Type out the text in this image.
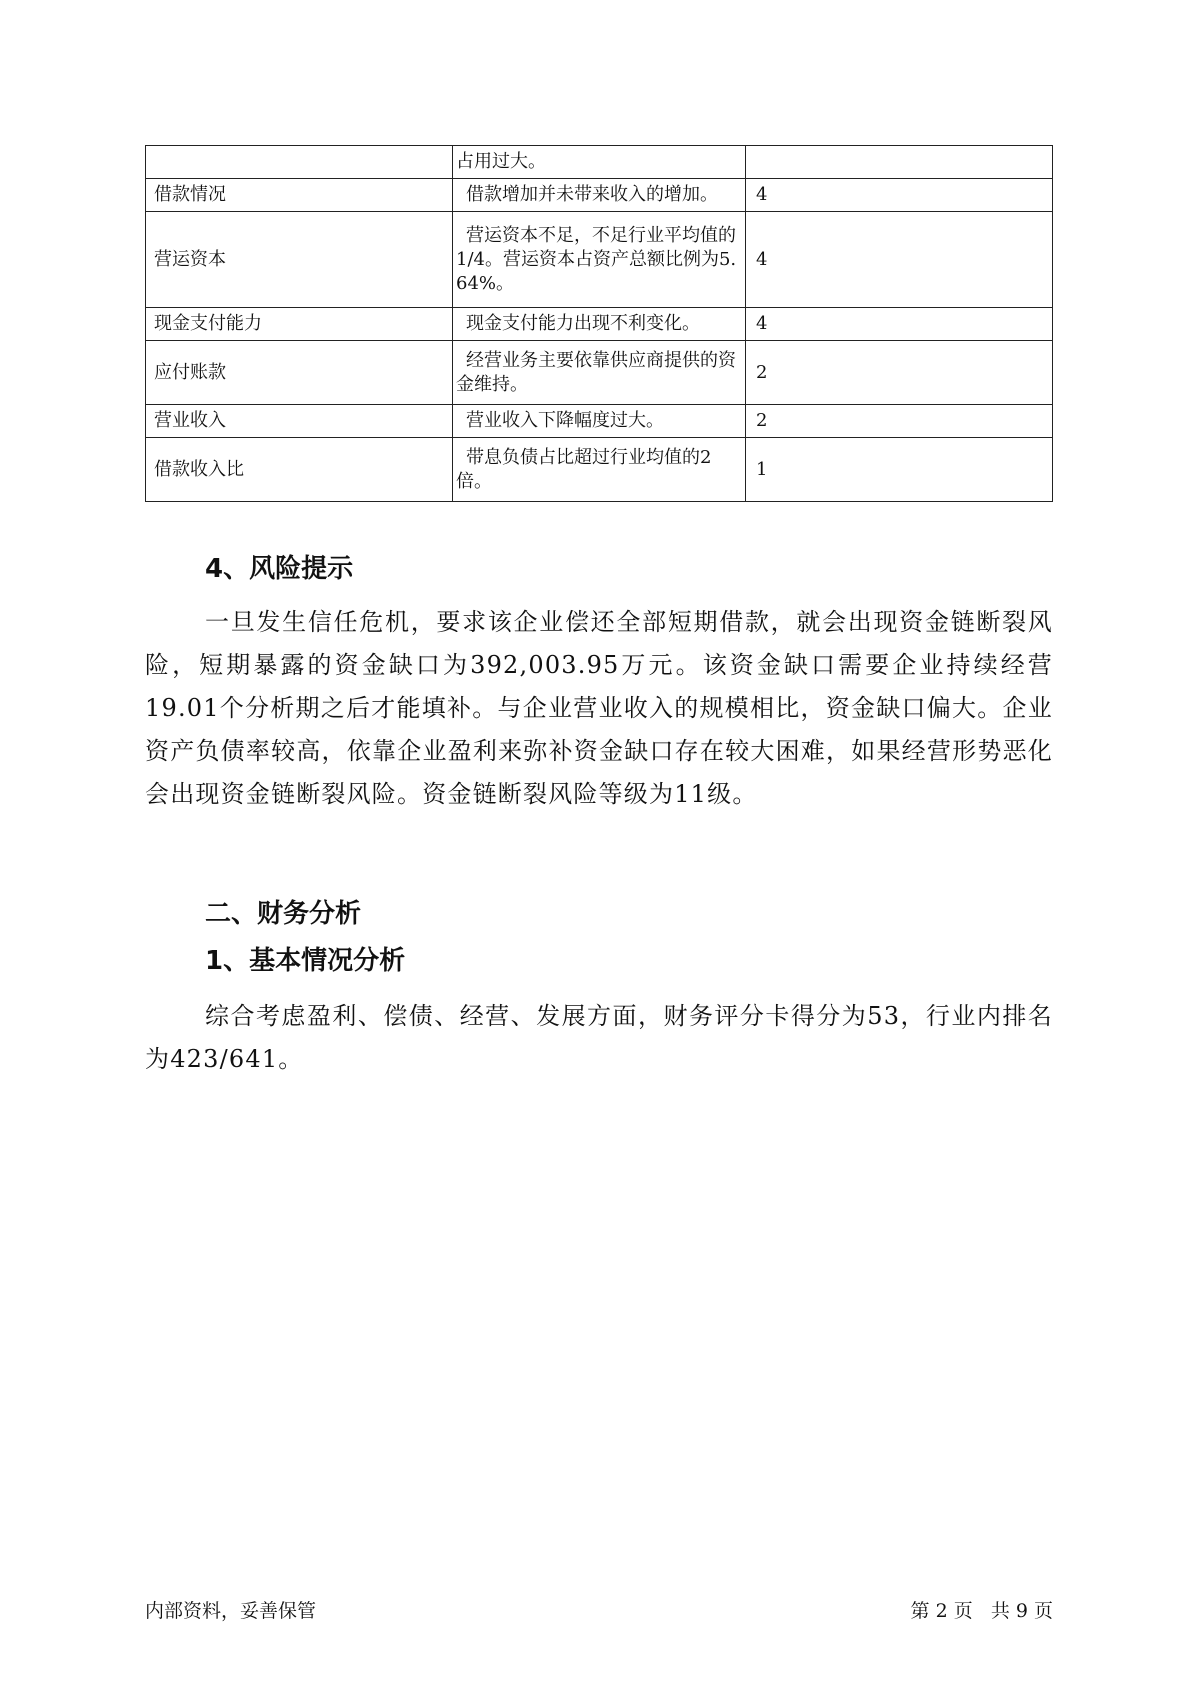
	占用过大。	
借款情况	借款增加并未带来收入的增加。	4
营运资本	营运资本不足，不足行业平均值的1/4。营运资本占资产总额比例为5.64%。	4
现金支付能力	现金支付能力出现不利变化。	4
应付账款	经营业务主要依靠供应商提供的资金维持。	2
营业收入	营业收入下降幅度过大。	2
借款收入比	带息负债占比超过行业均值的2倍。	1
4、风险提示

一旦发生信任危机，要求该企业偿还全部短期借款，就会出现资金链断裂风险，短期暴露的资金缺口为392,003.95万元。该资金缺口需要企业持续经营 19.01个分析期之后才能填补。与企业营业收入的规模相比，资金缺口偏大。企业资产负债率较高，依靠企业盈利来弥补资金缺口存在较大困难，如果经营形势恶化会出现资金链断裂风险。资金链断裂风险等级为11级。

二、财务分析
1、基本情况分析

综合考虑盈利、偿债、经营、发展方面，财务评分卡得分为53，行业内排名为423/641。

内部资料，妥善保管	第 2 页   共 9 页
